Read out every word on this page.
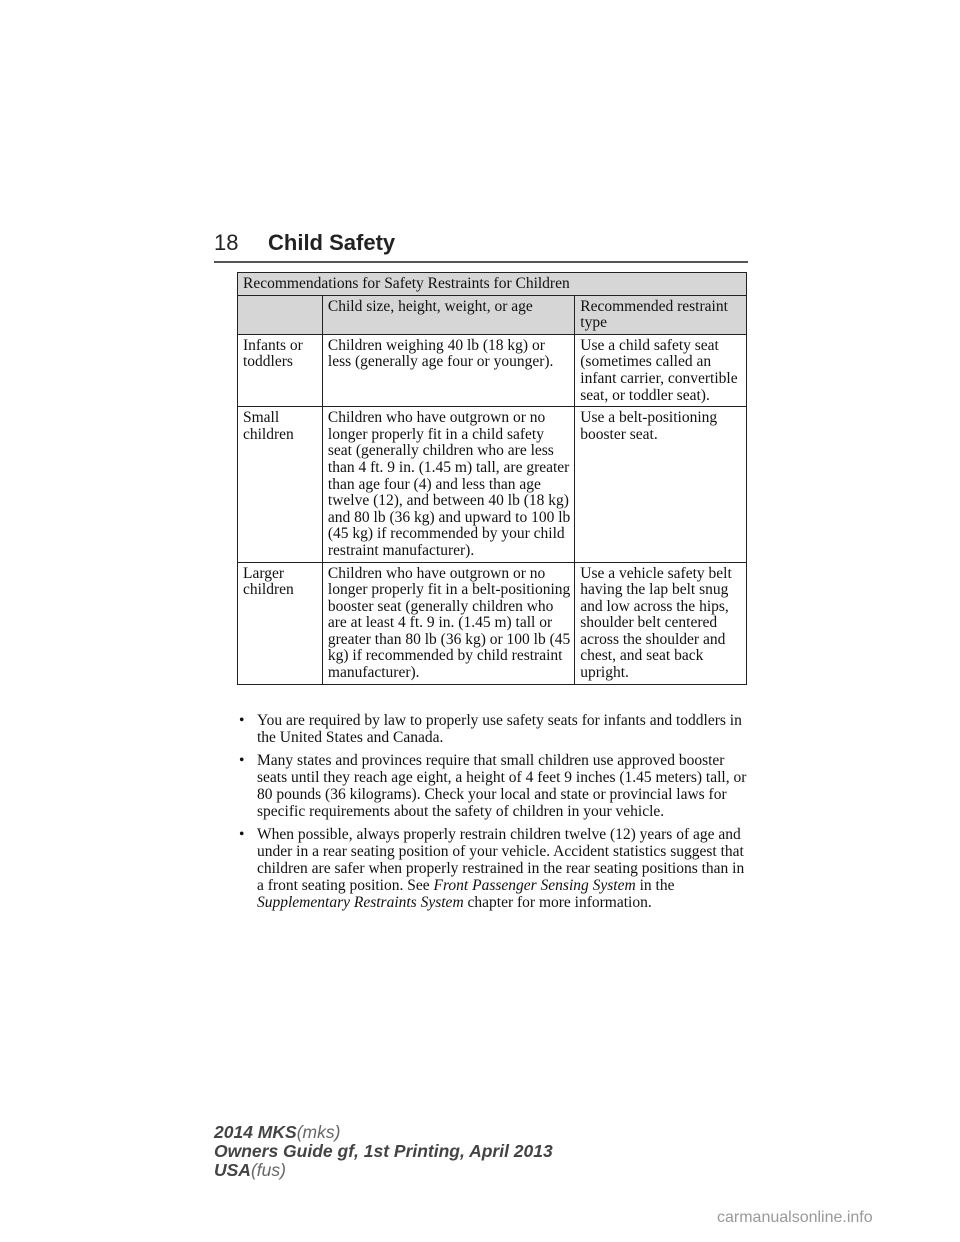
18 Child Safety
Recommendations for Safety Restraints for Children		
	Child size, height, weight, or age	Recommended restraint type
Infants or toddlers	Children weighing 40 lb (18 kg) or less (generally age four or younger).	Use a child safety seat (sometimes called an infant carrier, convertible seat, or toddler seat).
Small children	Children who have outgrown or no longer properly fit in a child safety seat (generally children who are less than 4 ft. 9 in. (1.45 m) tall, are greater than age four (4) and less than age twelve (12), and between 40 lb (18 kg) and 80 lb (36 kg) and upward to 100 lb (45 kg) if recommended by your child restraint manufacturer).	Use a belt-positioning booster seat.
Larger children	Children who have outgrown or no longer properly fit in a belt-positioning booster seat (generally children who are at least 4 ft. 9 in. (1.45 m) tall or greater than 80 lb (36 kg) or 100 lb (45 kg) if recommended by child restraint manufacturer).	Use a vehicle safety belt having the lap belt snug and low across the hips, shoulder belt centered across the shoulder and chest, and seat back upright.
• You are required by law to properly use safety seats for infants and toddlers in the United States and Canada.
• Many states and provinces require that small children use approved booster seats until they reach age eight, a height of 4 feet 9 inches (1.45 meters) tall, or 80 pounds (36 kilograms). Check your local and state or provincial laws for specific requirements about the safety of children in your vehicle.
• When possible, always properly restrain children twelve (12) years of age and under in a rear seating position of your vehicle. Accident statistics suggest that children are safer when properly restrained in the rear seating positions than in a front seating position. See Front Passenger Sensing System in the Supplementary Restraints System chapter for more information.
2014 MKS(mks)
Owners Guide gf, 1st Printing, April 2013
USA(fus)
carmanualsonline.info
